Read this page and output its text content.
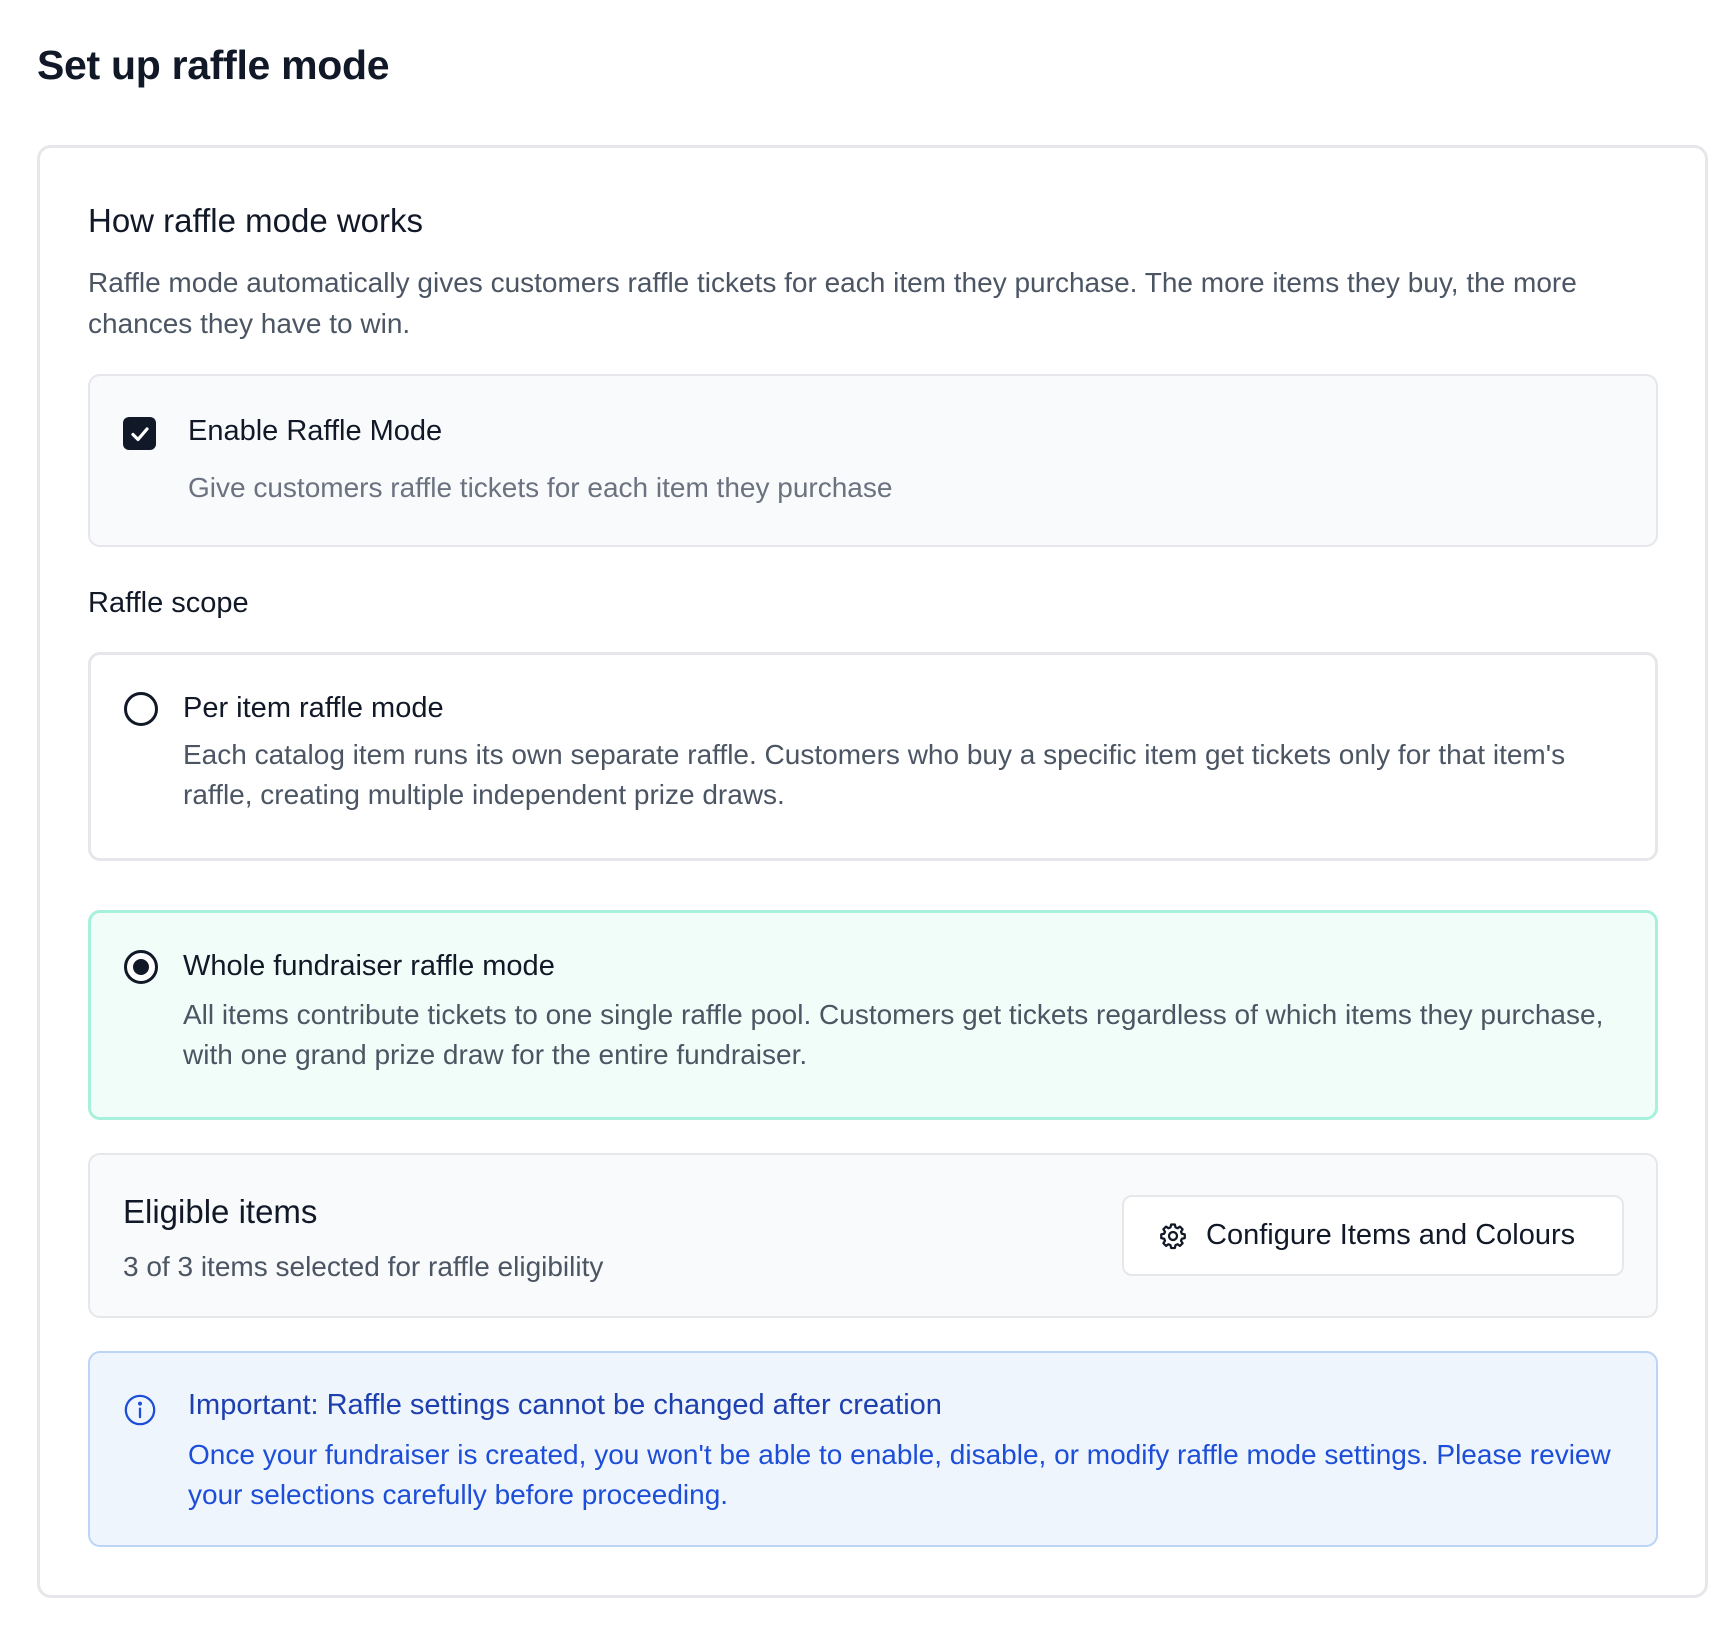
Set up raffle mode
How raffle mode works

Raffle mode automatically gives customers raffle tickets for each item they purchase. The more items they buy, the more chances they have to win.

Enable Raffle Mode
Give customers raffle tickets for each item they purchase
Raffle scope
Per item raffle mode
Each catalog item runs its own separate raffle. Customers who buy a specific item get tickets only for that item's raffle, creating multiple independent prize draws.
Whole fundraiser raffle mode
All items contribute tickets to one single raffle pool. Customers get tickets regardless of which items they purchase, with one grand prize draw for the entire fundraiser.
Eligible items
3 of 3 items selected for raffle eligibility
Configure Items and Colours
Important: Raffle settings cannot be changed after creation
Once your fundraiser is created, you won't be able to enable, disable, or modify raffle mode settings. Please review your selections carefully before proceeding.
